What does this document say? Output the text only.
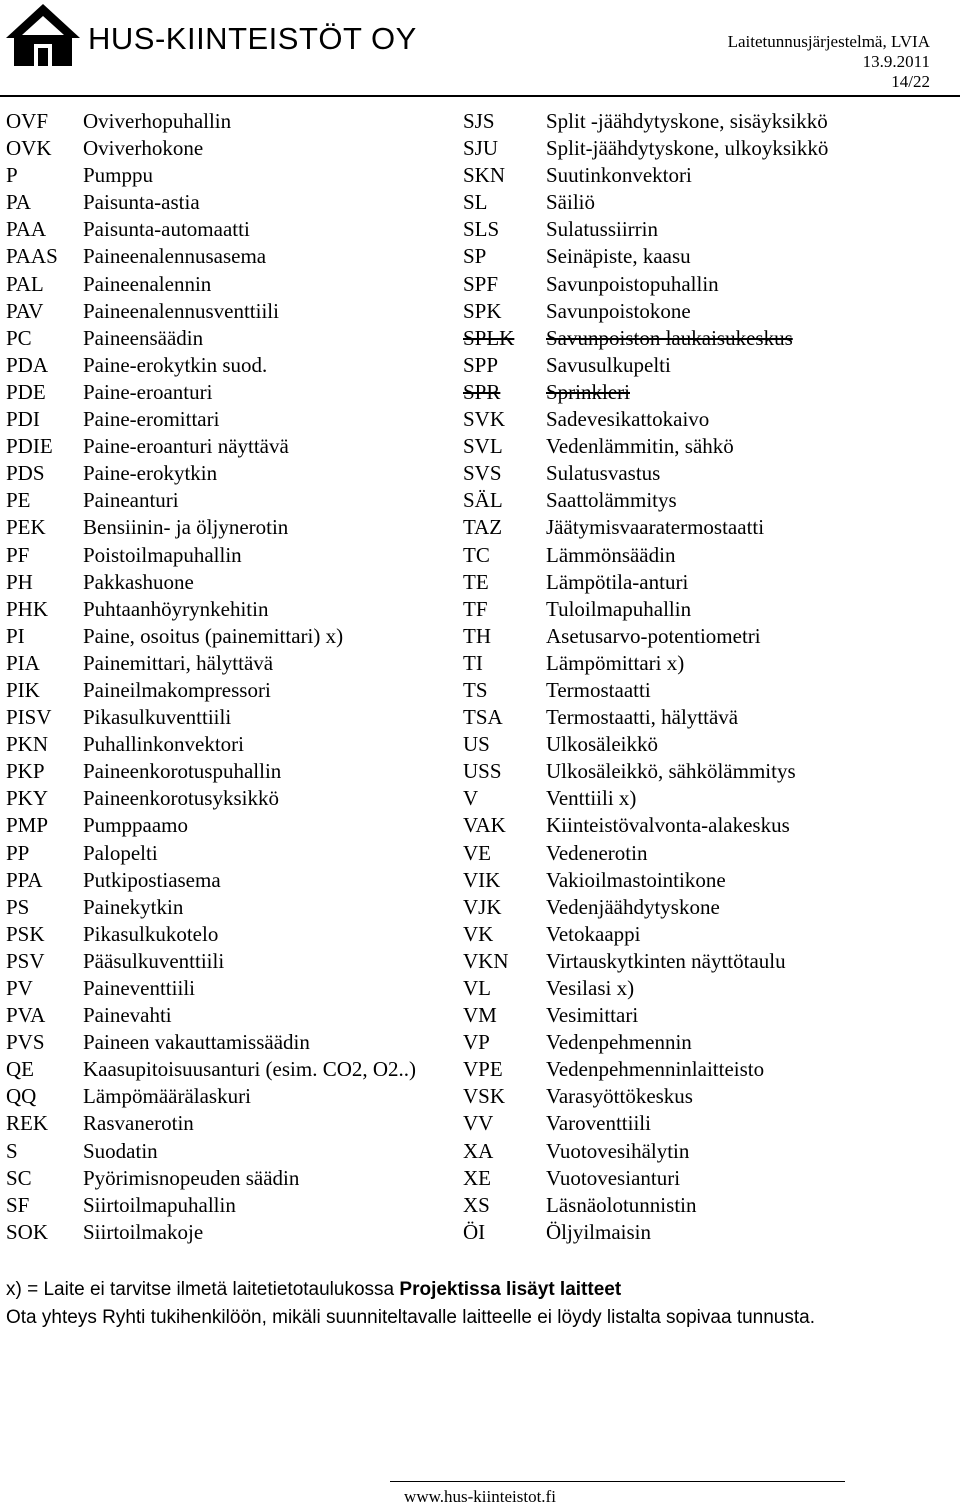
HUS-KIINTEISTÖT OY	Laitetunnusjärjestelmä, LVIA
13.9.2011
14/22
OVF	Oviverhopuhallin	SJS	Split -jäähdytyskone, sisäyksikkö
OVK	Oviverhokone	SJU	Split-jäähdytyskone, ulkoyksikkö
P	Pumppu	SKN	Suutinkonvektori
PA	Paisunta-astia	SL	Säiliö
PAA	Paisunta-automaatti	SLS	Sulatussiirrin
PAAS	Paineenalennusasema	SP	Seinäpiste, kaasu
PAL	Paineenalennin	SPF	Savunpoistopuhallin
PAV	Paineenalennusventtiili	SPK	Savunpoistokone
PC	Paineensäädin	SPLK	Savunpoiston laukaisukeskus
PDA	Paine-erokytkin suod.	SPP	Savusulkupelti
PDE	Paine-eroanturi	SPR	Sprinkleri
PDI	Paine-eromittari	SVK	Sadevesikattokaivo
PDIE	Paine-eroanturi näyttävä	SVL	Vedenlämmitin, sähkö
PDS	Paine-erokytkin	SVS	Sulatusvastus
PE	Paineanturi	SÄL	Saattolämmitys
PEK	Bensiinin- ja öljynerotin	TAZ	Jäätymisvaaratermostaatti
PF	Poistoilmapuhallin	TC	Lämmönsäädin
PH	Pakkashuone	TE	Lämpötila-anturi
PHK	Puhtaanhöyrynkehitin	TF	Tuloilmapuhallin
PI	Paine, osoitus (painemittari) x)	TH	Asetusarvo-potentiometri
PIA	Painemittari, hälyttävä	TI	Lämpömittari x)
PIK	Paineilmakompressori	TS	Termostaatti
PISV	Pikasulkuventtiili	TSA	Termostaatti, hälyttävä
PKN	Puhallinkonvektori	US	Ulkosäleikkö
PKP	Paineenkorotuspuhallin	USS	Ulkosäleikkö, sähkölämmitys
PKY	Paineenkorotusyksikkö	V	Venttiili x)
PMP	Pumppaamo	VAK	Kiinteistövalvonta-alakeskus
PP	Palopelti	VE	Vedenerotin
PPA	Putkipostiasema	VIK	Vakioilmastointikone
PS	Painekytkin	VJK	Vedenjäähdytyskone
PSK	Pikasulkukotelo	VK	Vetokaappi
PSV	Pääsulkuventtiili	VKN	Virtauskytkinten näyttötaulu
PV	Paineventtiili	VL	Vesilasi x)
PVA	Painevahti	VM	Vesimittari
PVS	Paineen vakauttamissäädin	VP	Vedenpehmennin
QE	Kaasupitoisuusanturi (esim. CO2, O2..)	VPE	Vedenpehmenninlaitteisto
QQ	Lämpömäärälaskuri	VSK	Varasyöttökeskus
REK	Rasvanerotin	VV	Varoventtiili
S	Suodatin	XA	Vuotovesihälytin
SC	Pyörimisnopeuden säädin	XE	Vuotovesianturi
SF	Siirtoilmapuhallin	XS	Läsnäolotunnistin
SOK	Siirtoilmakoje	ÖI	Öljyilmaisin
x) = Laite ei tarvitse ilmetä laitetietotaulukossa Projektissa lisäyt laitteet
Ota yhteys Ryhti tukihenkilöön, mikäli suunniteltavalle laitteelle ei löydy listalta sopivaa tunnusta.
www.hus-kiinteistot.fi
